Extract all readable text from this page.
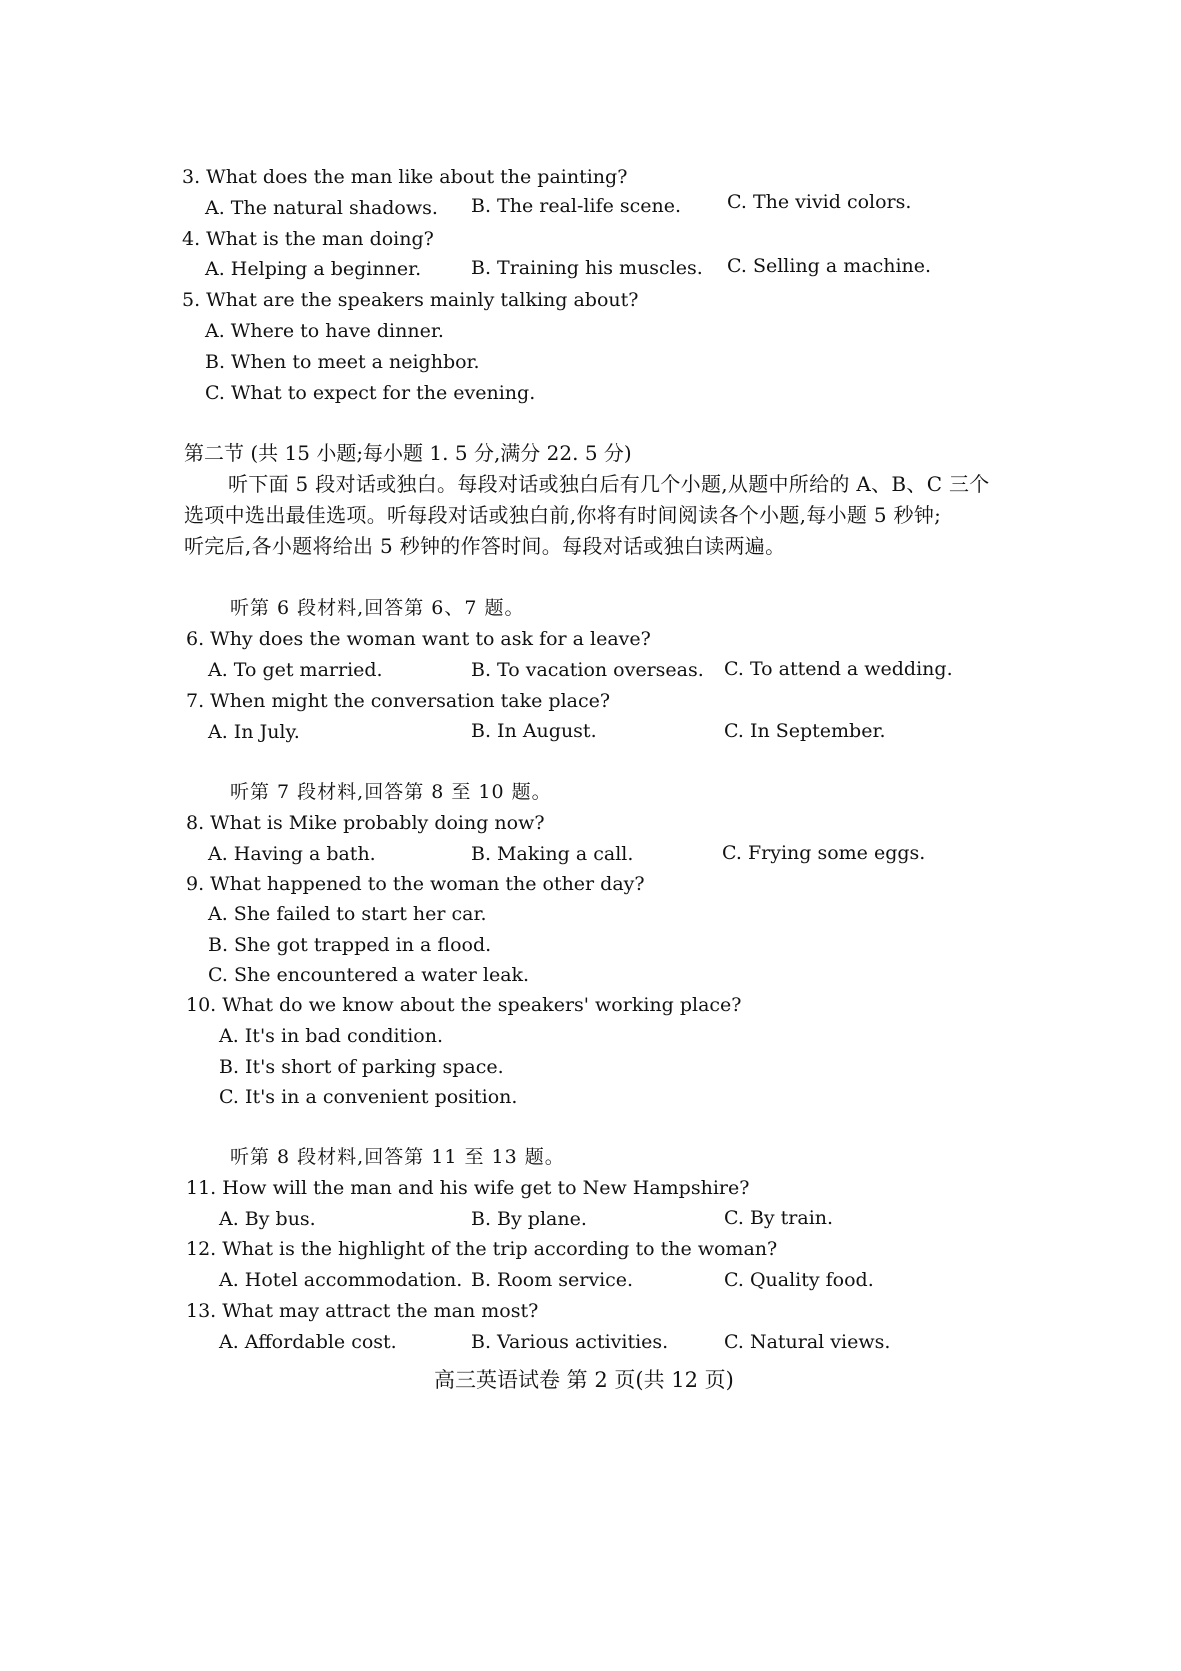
3. What does the man like about the painting?
A. The natural shadows. B. The real-life scene. C. The vivid colors.
4. What is the man doing?
A. Helping a beginner.	B. Training his muscles. C. Selling a machine.
5. What are the speakers mainly talking about?
A. Where to have dinner.
B. When to meet a neighbor.
C. What to expect for the evening.
第二节 (共 15 小题;每小题 1. 5 分,满分 22. 5 分)
听下面 5 段对话或独白。每段对话或独白后有几个小题,从题中所给的 A、B、C 三个
选项中选出最佳选项。听每段对话或独白前,你将有时间阅读各个小题,每小题 5 秒钟;
听完后,各小题将给出 5 秒钟的作答时间。每段对话或独白读两遍。
听第 6 段材料,回答第 6、7 题。
6. Why does the woman want to ask for a leave?
A. To get married.	B. To vacation overseas. C. To attend a wedding.
7. When might the conversation take place?
A. In July.	B. In August.	C. In September.
听第 7 段材料,回答第 8 至 10 题。
8. What is Mike probably doing now?
A. Having a bath.	B. Making a call.	C. Frying some eggs.
9. What happened to the woman the other day?
A. She failed to start her car.
B. She got trapped in a flood.
C. She encountered a water leak.
10. What do we know about the speakers' working place?
A. It's in bad condition.
B. It's short of parking space.
C. It's in a convenient position.
听第 8 段材料,回答第 11 至 13 题。
11. How will the man and his wife get to New Hampshire?
A. By bus.	B. By plane.	C. By train.
12. What is the highlight of the trip according to the woman?
A. Hotel accommodation. B. Room service.	C. Quality food.
13. What may attract the man most?
A. Affordable cost.	B. Various activities.	C. Natural views.
高三英语试卷 第 2 页(共 12 页)
